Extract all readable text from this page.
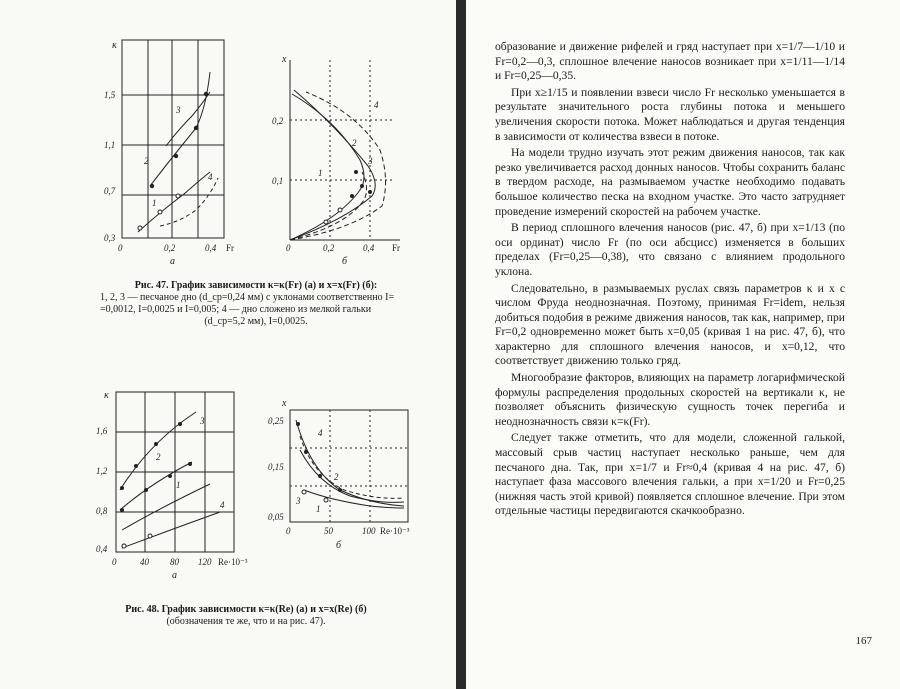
κ
0,3
0,7
1,1
1,5
0	0,2	0,4 Fr
а
1
2
3
4
x
0,1
0,2
0	0,2	0,4 Fr
б
1
2
3
4
Рис. 47. График зависимости κ=κ(Fr) (а) и x=x(Fr) (б):
1, 2, 3 — песчаное дно (d_ср=0,24 мм) с уклонами соответственно I=
=0,0012, I=0,0025 и I=0,005; 4 — дно сложено из мелкой гальки
(d_ср=5,2 мм), I=0,0025.
κ
0,4
0,8
1,2
1,6
0	40 80 120 Re·10⁻³
а
1
2
3
4
x
0,05
0,15
0,25
0	50	100 Re·10⁻³
б
1
2
3
4
Рис. 48. График зависимости κ=κ(Re) (а) и x=x(Re) (б)
(обозначения те же, что и на рис. 47).

образование и движение рифелей и гряд наступает при x=1/7—1/10 и Fr=0,2—0,3, сплошное влечение наносов возникает при x=1/11—1/14 и Fr=0,25—0,35.

При x≥1/15 и появлении взвеси число Fr несколько уменьшается в результате значительного роста глубины потока и меньшего увеличения скорости потока. Может наблюдаться и другая тенденция в зависимости от количества взвеси в потоке.

На модели трудно изучать этот режим движения наносов, так как резко увеличивается расход донных наносов. Чтобы сохранить баланс в твердом расходе, на размываемом участке необходимо подавать большое количество песка на входном участке. Это часто затрудняет проведение измерений скоростей на рабочем участке.

В период сплошного влечения наносов (рис. 47, б) при x=1/13 (по оси ординат) число Fr (по оси абсцисс) изменяется в больших пределах (Fr=0,25—0,38), что связано с влиянием продольного уклона.

Следовательно, в размываемых руслах связь параметров κ и x с числом Фруда неоднозначная. Поэтому, принимая Fr=idem, нельзя добиться подобия в режиме движения наносов, так как, например, при Fr=0,2 одновременно может быть x=0,05 (кривая 1 на рис. 47, б), что характерно для сплошного влечения наносов, и x=0,12, что соответствует движению только гряд.

Многообразие факторов, влияющих на параметр логарифмической формулы распределения продольных скоростей на вертикали κ, не позволяет объяснить физическую сущность точек перегиба и неоднозначность связи κ=κ(Fr).

Следует также отметить, что для модели, сложенной галькой, массовый срыв частиц наступает несколько раньше, чем для песчаного дна. Так, при x=1/7 и Fr≈0,4 (кривая 4 на рис. 47, б) наступает фаза массового влечения гальки, а при x=1/20 и Fr=0,25 (нижняя часть этой кривой) появляется сплошное влечение. При этом отдельные частицы передвигаются скачкообразно.

167
